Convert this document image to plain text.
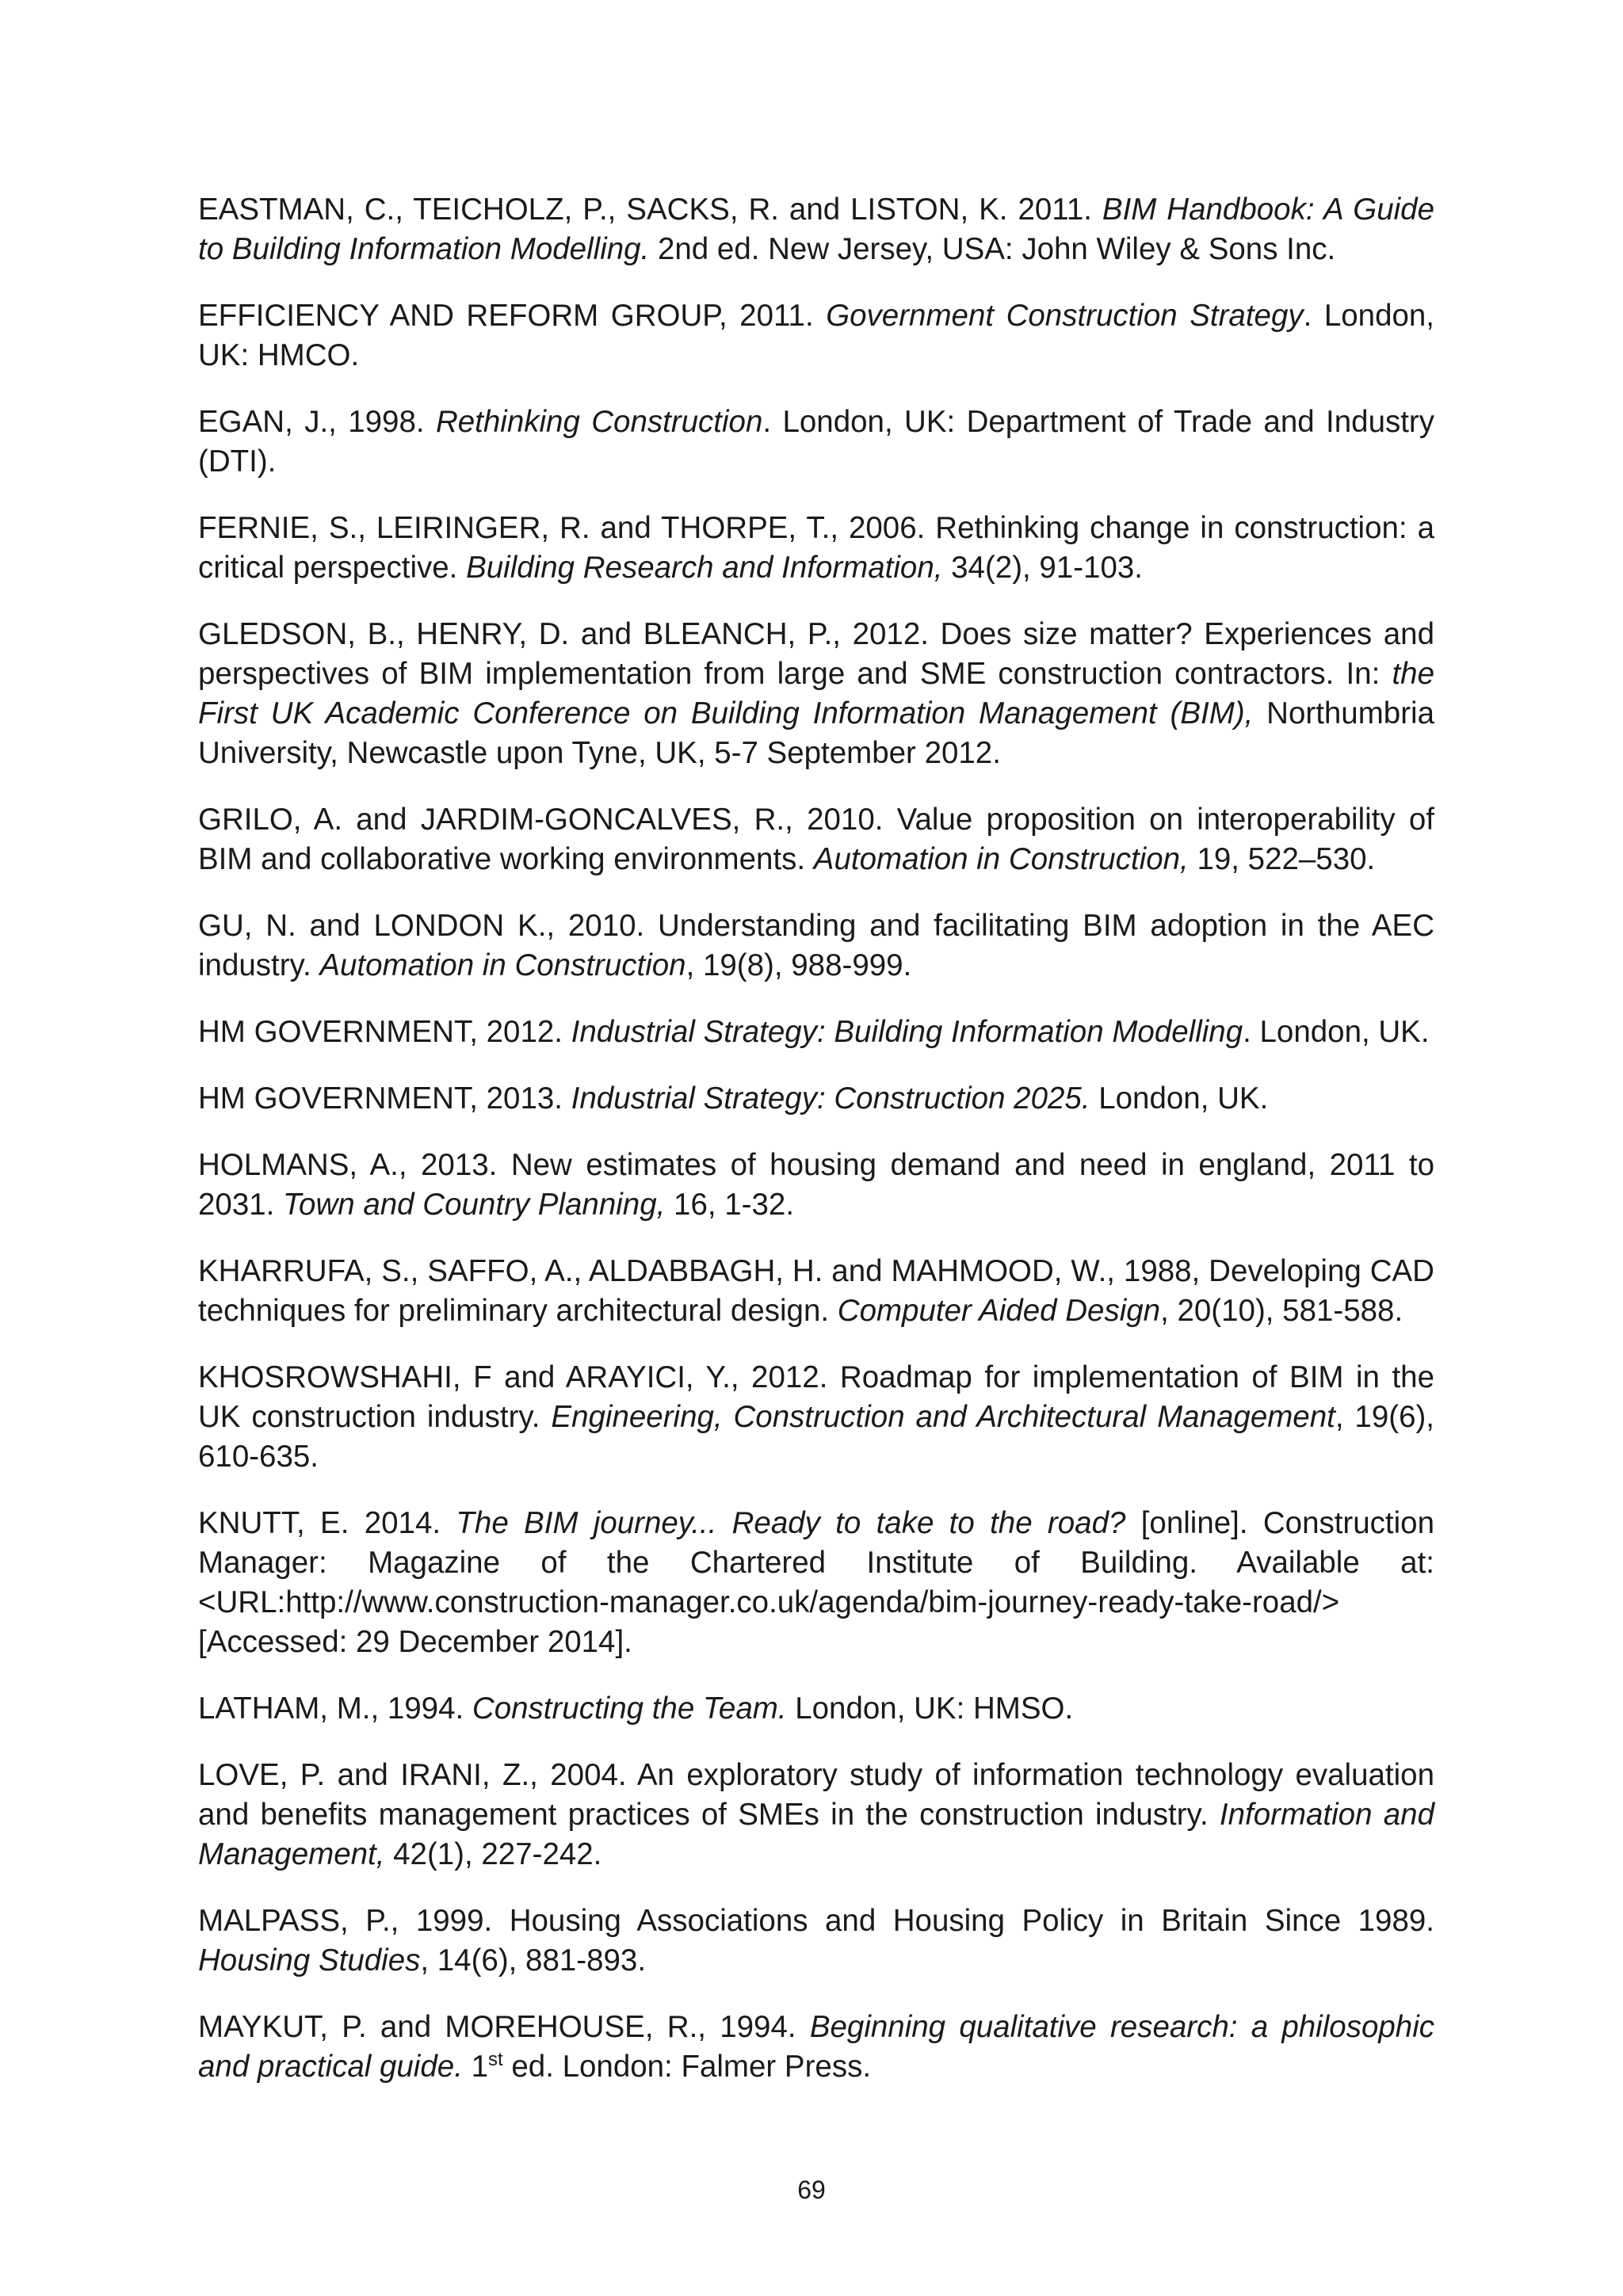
EASTMAN, C., TEICHOLZ, P., SACKS, R. and LISTON, K. 2011. BIM Handbook: A Guide to Building Information Modelling. 2nd ed. New Jersey, USA: John Wiley & Sons Inc.

EFFICIENCY AND REFORM GROUP, 2011. Government Construction Strategy. London, UK: HMCO.

EGAN, J., 1998. Rethinking Construction. London, UK: Department of Trade and Industry (DTI).

FERNIE, S., LEIRINGER, R. and THORPE, T., 2006. Rethinking change in construction: a critical perspective. Building Research and Information, 34(2), 91-103.

GLEDSON, B., HENRY, D. and BLEANCH, P., 2012. Does size matter? Experiences and perspectives of BIM implementation from large and SME construction contractors. In: the First UK Academic Conference on Building Information Management (BIM), Northumbria University, Newcastle upon Tyne, UK, 5-7 September 2012.

GRILO, A. and JARDIM-GONCALVES, R., 2010. Value proposition on interoperability of BIM and collaborative working environments. Automation in Construction, 19, 522–530.

GU, N. and LONDON K., 2010. Understanding and facilitating BIM adoption in the AEC industry. Automation in Construction, 19(8), 988-999.

HM GOVERNMENT, 2012. Industrial Strategy: Building Information Modelling. London, UK.

HM GOVERNMENT, 2013. Industrial Strategy: Construction 2025. London, UK.

HOLMANS, A., 2013. New estimates of housing demand and need in england, 2011 to 2031. Town and Country Planning, 16, 1-32.

KHARRUFA, S., SAFFO, A., ALDABBAGH, H. and MAHMOOD, W., 1988, Developing CAD techniques for preliminary architectural design. Computer Aided Design, 20(10), 581-588.

KHOSROWSHAHI, F and ARAYICI, Y., 2012. Roadmap for implementation of BIM in the UK construction industry. Engineering, Construction and Architectural Management, 19(6), 610-635.

KNUTT, E. 2014. The BIM journey... Ready to take to the road? [online]. Construction Manager: Magazine of the Chartered Institute of Building. Available at: <URL:http://www.construction-manager.co.uk/agenda/bim-journey-ready-take-road/> [Accessed: 29 December 2014].

LATHAM, M., 1994. Constructing the Team. London, UK: HMSO.

LOVE, P. and IRANI, Z., 2004. An exploratory study of information technology evaluation and benefits management practices of SMEs in the construction industry. Information and Management, 42(1), 227-242.

MALPASS, P., 1999. Housing Associations and Housing Policy in Britain Since 1989. Housing Studies, 14(6), 881-893.

MAYKUT, P. and MOREHOUSE, R., 1994. Beginning qualitative research: a philosophic and practical guide. 1st ed. London: Falmer Press.

69
